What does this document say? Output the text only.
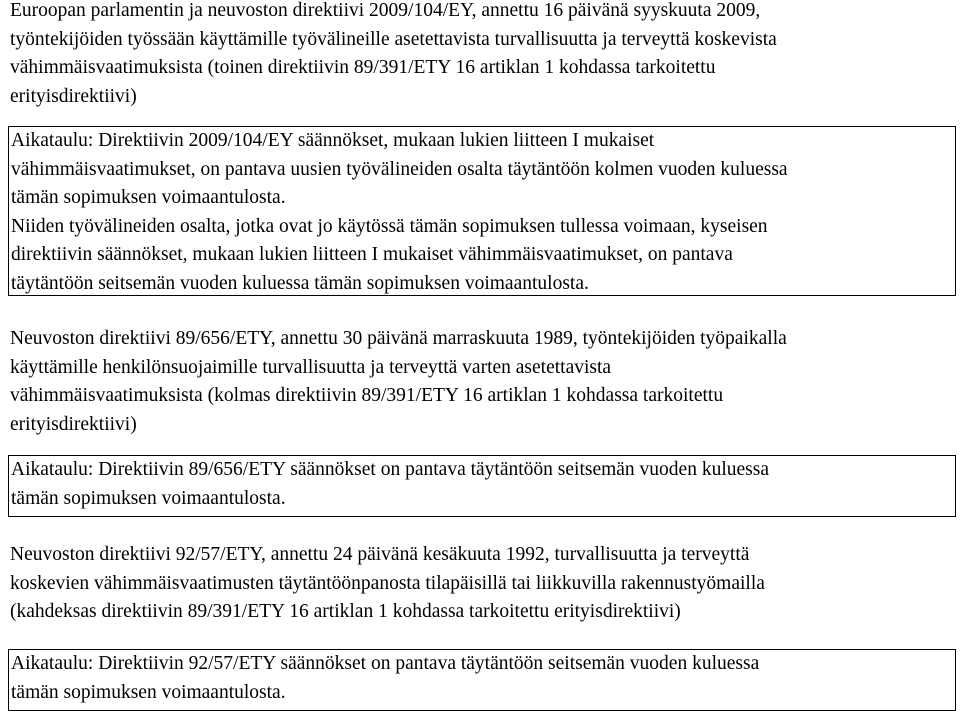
Euroopan parlamentin ja neuvoston direktiivi 2009/104/EY, annettu 16 päivänä syyskuuta 2009,
työntekijöiden työssään käyttämille työvälineille asetettavista turvallisuutta ja terveyttä koskevista
vähimmäisvaatimuksista (toinen direktiivin 89/391/ETY 16 artiklan 1 kohdassa tarkoitettu
erityisdirektiivi)
Aikataulu: Direktiivin 2009/104/EY säännökset, mukaan lukien liitteen I mukaiset
vähimmäisvaatimukset, on pantava uusien työvälineiden osalta täytäntöön kolmen vuoden kuluessa
tämän sopimuksen voimaantulosta.
Niiden työvälineiden osalta, jotka ovat jo käytössä tämän sopimuksen tullessa voimaan, kyseisen
direktiivin säännökset, mukaan lukien liitteen I mukaiset vähimmäisvaatimukset, on pantava
täytäntöön seitsemän vuoden kuluessa tämän sopimuksen voimaantulosta.
Neuvoston direktiivi 89/656/ETY, annettu 30 päivänä marraskuuta 1989, työntekijöiden työpaikalla
käyttämille henkilönsuojaimille turvallisuutta ja terveyttä varten asetettavista
vähimmäisvaatimuksista (kolmas direktiivin 89/391/ETY 16 artiklan 1 kohdassa tarkoitettu
erityisdirektiivi)
Aikataulu: Direktiivin 89/656/ETY säännökset on pantava täytäntöön seitsemän vuoden kuluessa
tämän sopimuksen voimaantulosta.
Neuvoston direktiivi 92/57/ETY, annettu 24 päivänä kesäkuuta 1992, turvallisuutta ja terveyttä
koskevien vähimmäisvaatimusten täytäntöönpanosta tilapäisillä tai liikkuvilla rakennustyömailla
(kahdeksas direktiivin 89/391/ETY 16 artiklan 1 kohdassa tarkoitettu erityisdirektiivi)
Aikataulu: Direktiivin 92/57/ETY säännökset on pantava täytäntöön seitsemän vuoden kuluessa
tämän sopimuksen voimaantulosta.
